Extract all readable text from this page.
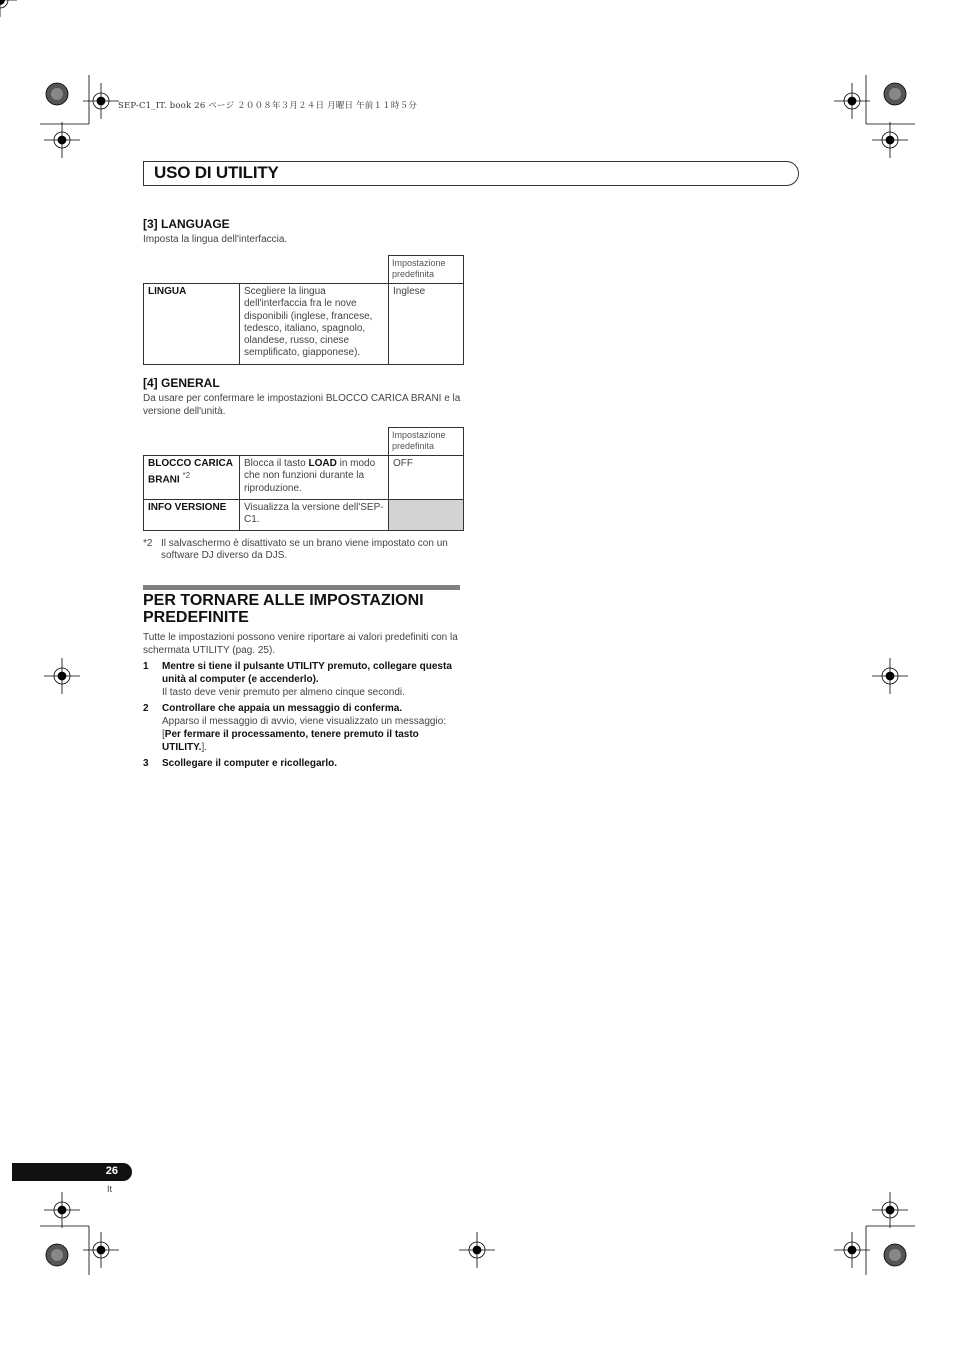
SEP-C1_IT. book 26 ページ ２００８年３月２４日 月曜日 午前１１時５分
USO DI UTILITY
[3] LANGUAGE
Imposta la lingua dell'interfaccia.
		Impostazione predefinita
LINGUA	Scegliere la lingua dell'interfaccia fra le nove disponibili (inglese, francese, tedesco, italiano, spagnolo, olandese, russo, cinese semplificato, giapponese).	Inglese
[4] GENERAL
Da usare per confermare le impostazioni BLOCCO CARICA BRANI e la versione dell'unità.
		Impostazione predefinita
BLOCCO CARICA BRANI $^{*2}$	Blocca il tasto LOAD in modo che non funzioni durante la riproduzione.	OFF
INFO VERSIONE	Visualizza la versione dell'SEP-C1.	
*2 Il salvaschermo è disattivato se un brano viene impostato con un software DJ diverso da DJS.
PER TORNARE ALLE IMPOSTAZIONI PREDEFINITE
Tutte le impostazioni possono venire riportare ai valori predefiniti con la schermata UTILITY (pag. 25).
1 Mentre si tiene il pulsante UTILITY premuto, collegare questa unità al computer (e accenderlo).
Il tasto deve venir premuto per almeno cinque secondi.
2 Controllare che appaia un messaggio di conferma.
Apparso il messaggio di avvio, viene visualizzato un messaggio: [Per fermare il processamento, tenere premuto il tasto UTILITY.].
3 Scollegare il computer e ricollegarlo.
26
It
